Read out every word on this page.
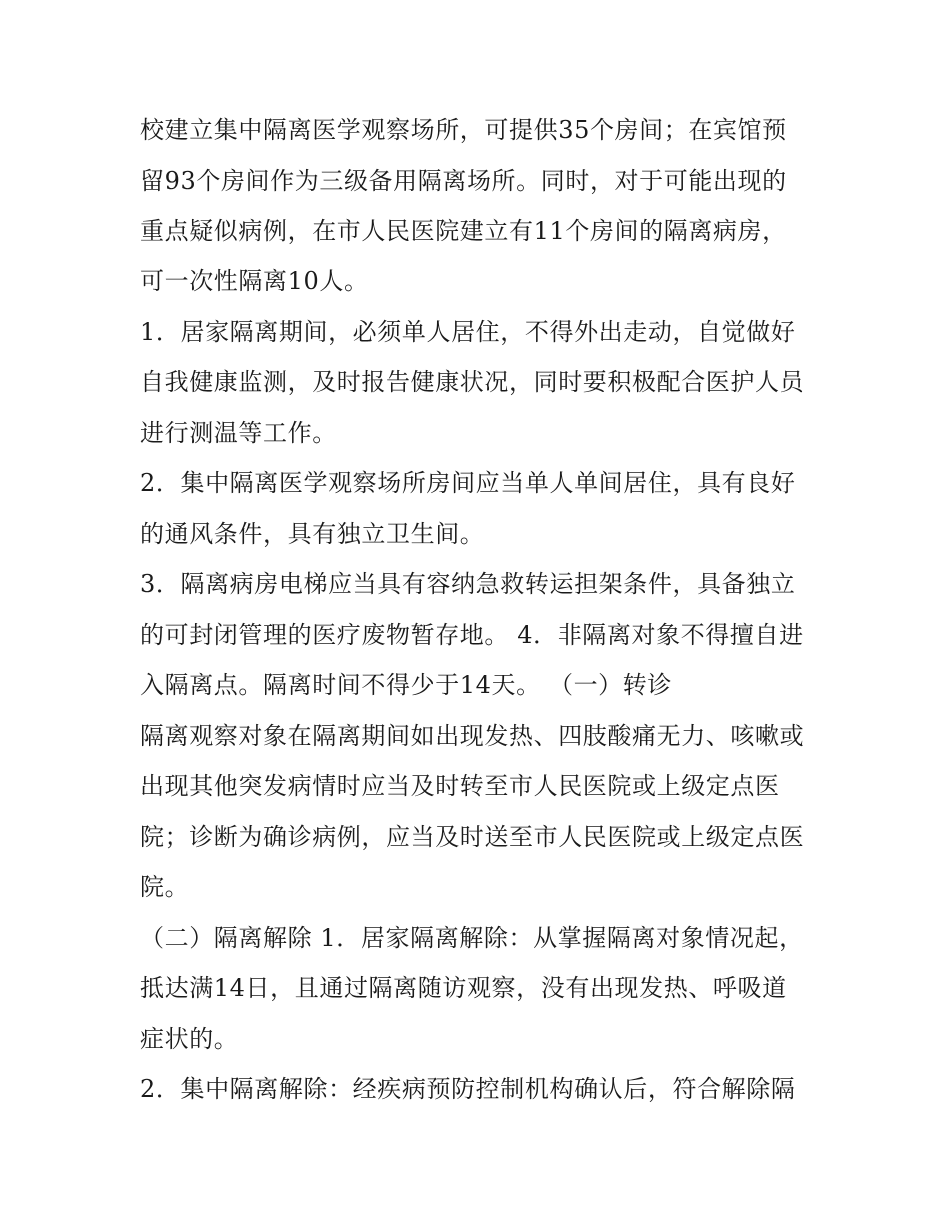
校建立集中隔离医学观察场所，可提供35个房间；在宾馆预
留93个房间作为三级备用隔离场所。同时，对于可能出现的
重点疑似病例，在市人民医院建立有11个房间的隔离病房，
可一次性隔离10人。
1．居家隔离期间，必须单人居住，不得外出走动，自觉做好
自我健康监测，及时报告健康状况，同时要积极配合医护人员
进行测温等工作。
2．集中隔离医学观察场所房间应当单人单间居住，具有良好
的通风条件，具有独立卫生间。
3．隔离病房电梯应当具有容纳急救转运担架条件，具备独立
的可封闭管理的医疗废物暂存地。 4．非隔离对象不得擅自进
入隔离点。隔离时间不得少于14天。 （一）转诊
隔离观察对象在隔离期间如出现发热、四肢酸痛无力、咳嗽或
出现其他突发病情时应当及时转至市人民医院或上级定点医
院；诊断为确诊病例，应当及时送至市人民医院或上级定点医
院。
（二）隔离解除 1．居家隔离解除：从掌握隔离对象情况起，
抵达满14日，且通过隔离随访观察，没有出现发热、呼吸道
症状的。
2．集中隔离解除：经疾病预防控制机构确认后，符合解除隔
